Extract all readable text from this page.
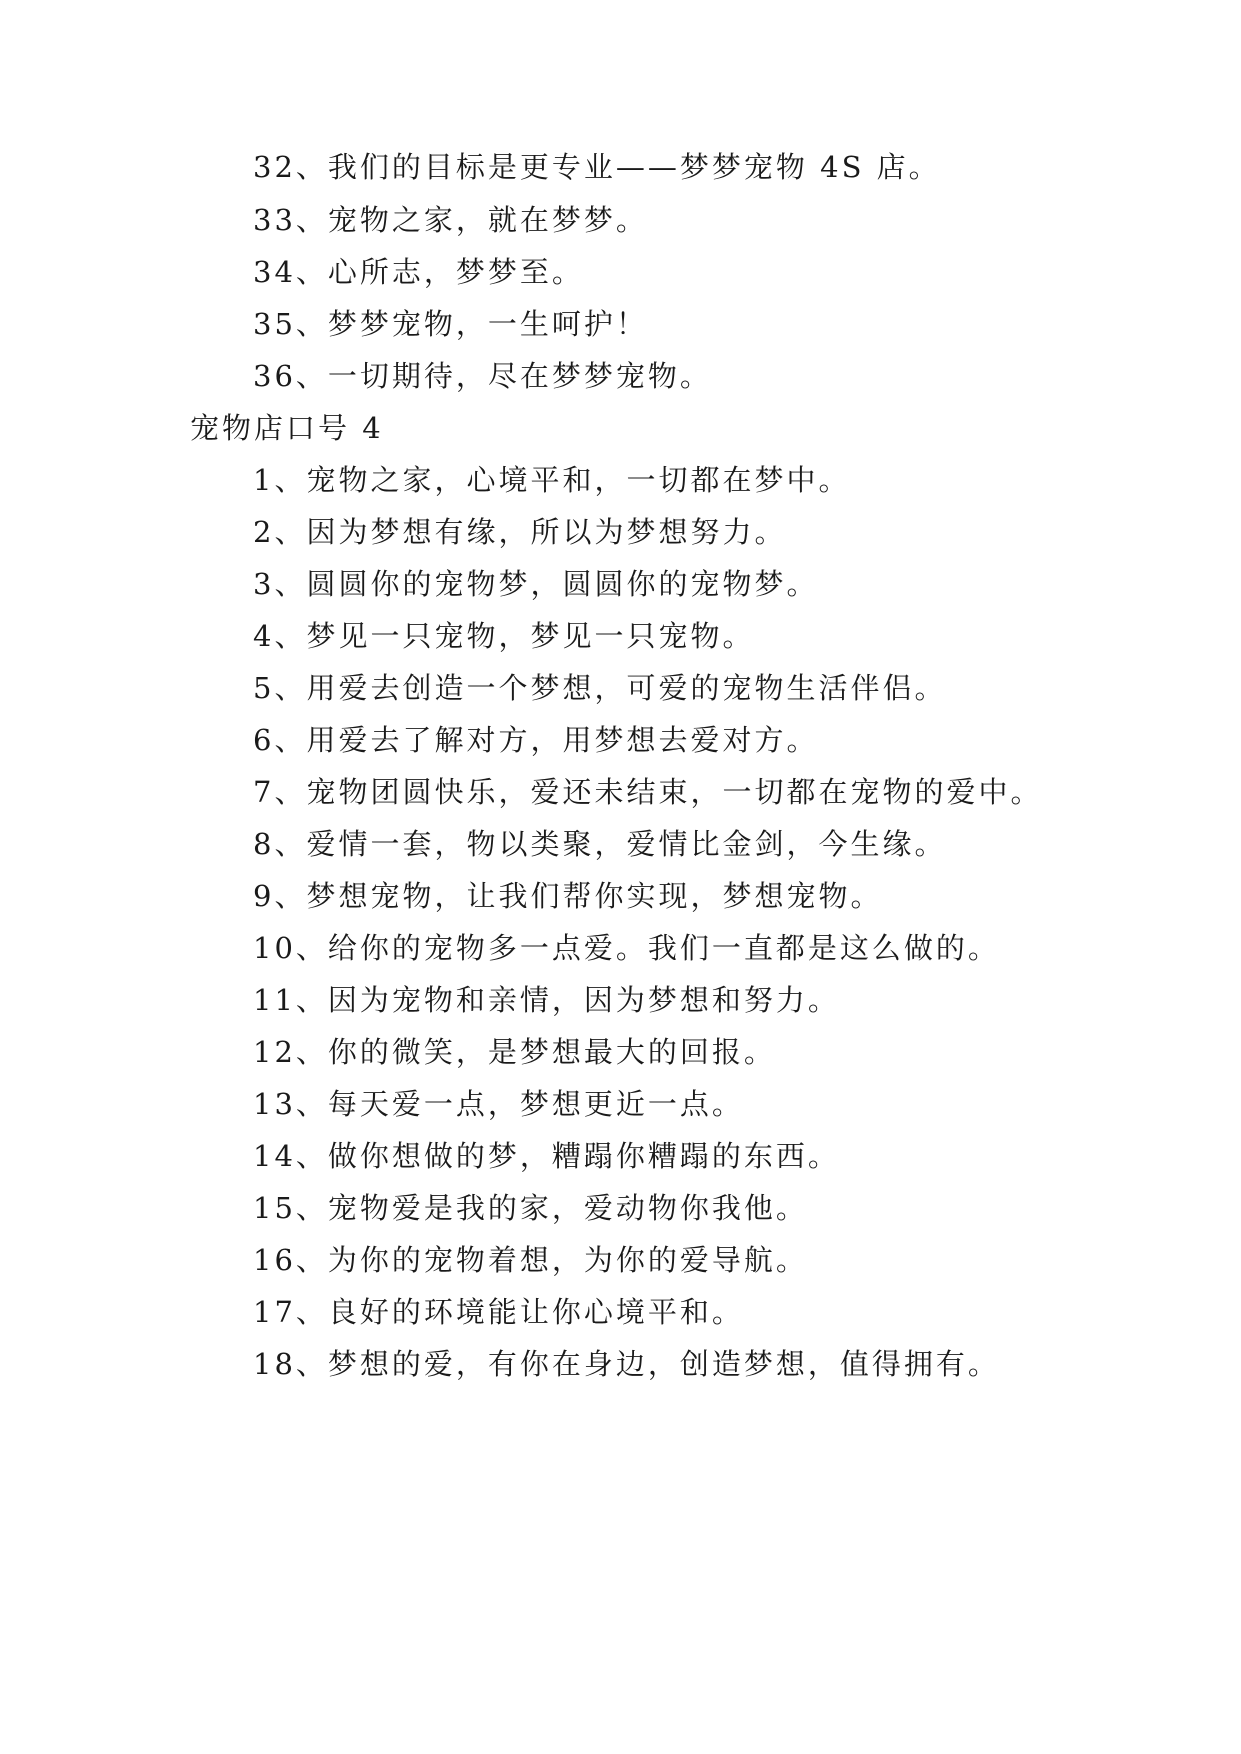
32、我们的目标是更专业——梦梦宠物 4S 店。
33、宠物之家，就在梦梦。
34、心所志，梦梦至。
35、梦梦宠物，一生呵护！
36、一切期待，尽在梦梦宠物。
宠物店口号 4
1、宠物之家，心境平和，一切都在梦中。
2、因为梦想有缘，所以为梦想努力。
3、圆圆你的宠物梦，圆圆你的宠物梦。
4、梦见一只宠物，梦见一只宠物。
5、用爱去创造一个梦想，可爱的宠物生活伴侣。
6、用爱去了解对方，用梦想去爱对方。
7、宠物团圆快乐，爱还未结束，一切都在宠物的爱中。
8、爱情一套，物以类聚，爱情比金剑，今生缘。
9、梦想宠物，让我们帮你实现，梦想宠物。
10、给你的宠物多一点爱。我们一直都是这么做的。
11、因为宠物和亲情，因为梦想和努力。
12、你的微笑，是梦想最大的回报。
13、每天爱一点，梦想更近一点。
14、做你想做的梦，糟蹋你糟蹋的东西。
15、宠物爱是我的家，爱动物你我他。
16、为你的宠物着想，为你的爱导航。
17、良好的环境能让你心境平和。
18、梦想的爱，有你在身边，创造梦想，值得拥有。
